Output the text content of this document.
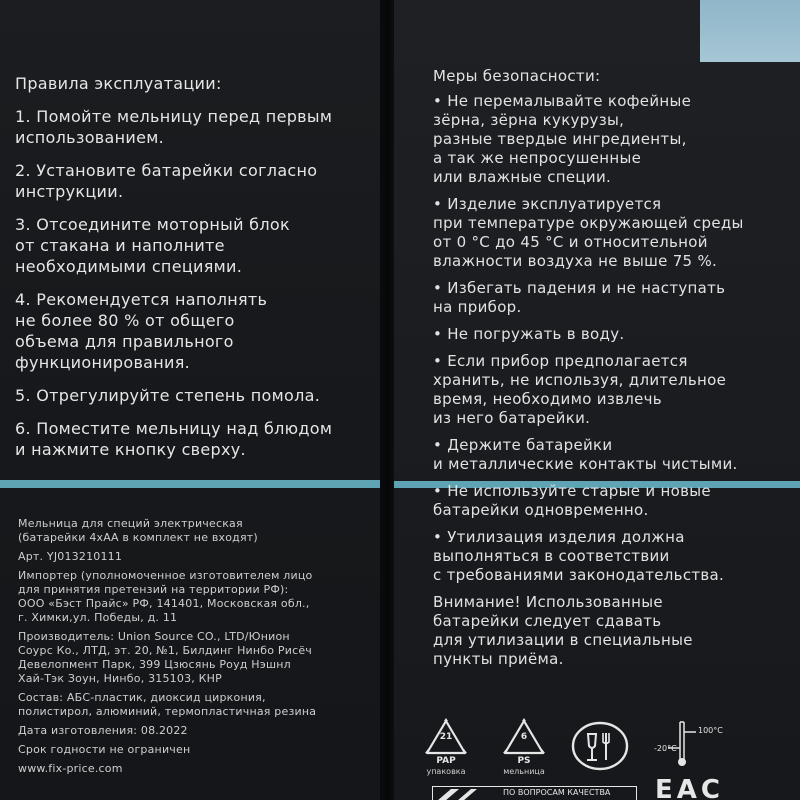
Правила эксплуатации:

1. Помойте мельницу перед первым
использованием.

2. Установите батарейки согласно
инструкции.

3. Отсоедините моторный блок
от стакана и наполните
необходимыми специями.

4. Рекомендуется наполнять
не более 80 % от общего
объема для правильного
функционирования.

5. Отрегулируйте степень помола.

6. Поместите мельницу над блюдом
и нажмите кнопку сверху.

Меры безопасности:

• Не перемалывайте кофейные
зёрна, зёрна кукурузы,
разные твердые ингредиенты,
а так же непросушенные
или влажные специи.

• Изделие эксплуатируется
при температуре окружающей среды
от 0 °С до 45 °С и относительной
влажности воздуха не выше 75 %.

• Избегать падения и не наступать
на прибор.

• Не погружать в воду.

• Если прибор предполагается
хранить, не используя, длительное
время, необходимо извлечь
из него батарейки.

• Держите батарейки
и металлические контакты чистыми.

• Не используйте старые и новые
батарейки одновременно.

• Утилизация изделия должна
выполняться в соответствии
с требованиями законодательства.

Внимание! Использованные
батарейки следует сдавать
для утилизации в специальные
пункты приёма.

Мельница для специй электрическая
(батарейки 4хАА в комплект не входят)

Арт. YJ013210111

Импортер (уполномоченное изготовителем лицо
для принятия претензий на территории РФ):
ООО «Бэст Прайс» РФ, 141401, Московская обл.,
г. Химки,ул. Победы, д. 11

Производитель: Union Source CO., LTD/Юнион
Соурс Ко., ЛТД, эт. 20, №1, Билдинг Нинбо Рисёч
Девелопмент Парк, 399 Цзюсянь Роуд Нэшнл
Хай-Тэк Зоун, Нинбо, 315103, КНР

Состав: АБС-пластик, диоксид циркония,
полистирол, алюминий, термопластичная резина

Дата изготовления: 08.2022

Срок годности не ограничен

www.fix-price.com

21
PAP
упаковка
6
PS
мельница
100°C
-20°C
ПО ВОПРОСАМ КАЧЕСТВА	ЕАС
